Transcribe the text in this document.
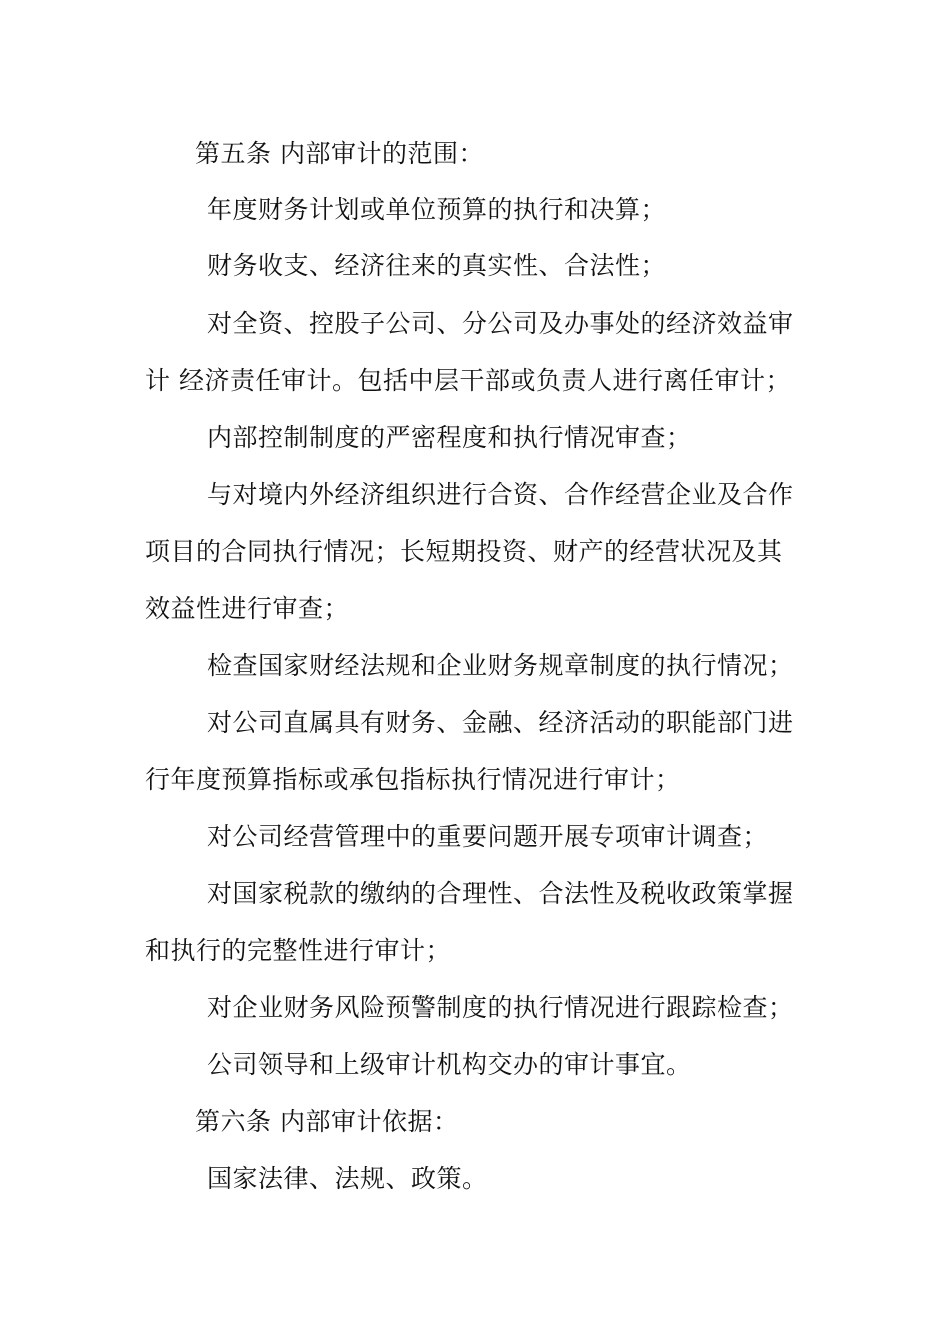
第五条 内部审计的范围：
年度财务计划或单位预算的执行和决算；
财务收支、经济往来的真实性、合法性；
对全资、控股子公司、分公司及办事处的经济效益审
计 经济责任审计。包括中层干部或负责人进行离任审计；
内部控制制度的严密程度和执行情况审查；
与对境内外经济组织进行合资、合作经营企业及合作
项目的合同执行情况；长短期投资、财产的经营状况及其
效益性进行审查；
检查国家财经法规和企业财务规章制度的执行情况；
对公司直属具有财务、金融、经济活动的职能部门进
行年度预算指标或承包指标执行情况进行审计；
对公司经营管理中的重要问题开展专项审计调查；
对国家税款的缴纳的合理性、合法性及税收政策掌握
和执行的完整性进行审计；
对企业财务风险预警制度的执行情况进行跟踪检查；
公司领导和上级审计机构交办的审计事宜。
第六条 内部审计依据：
国家法律、法规、政策。
